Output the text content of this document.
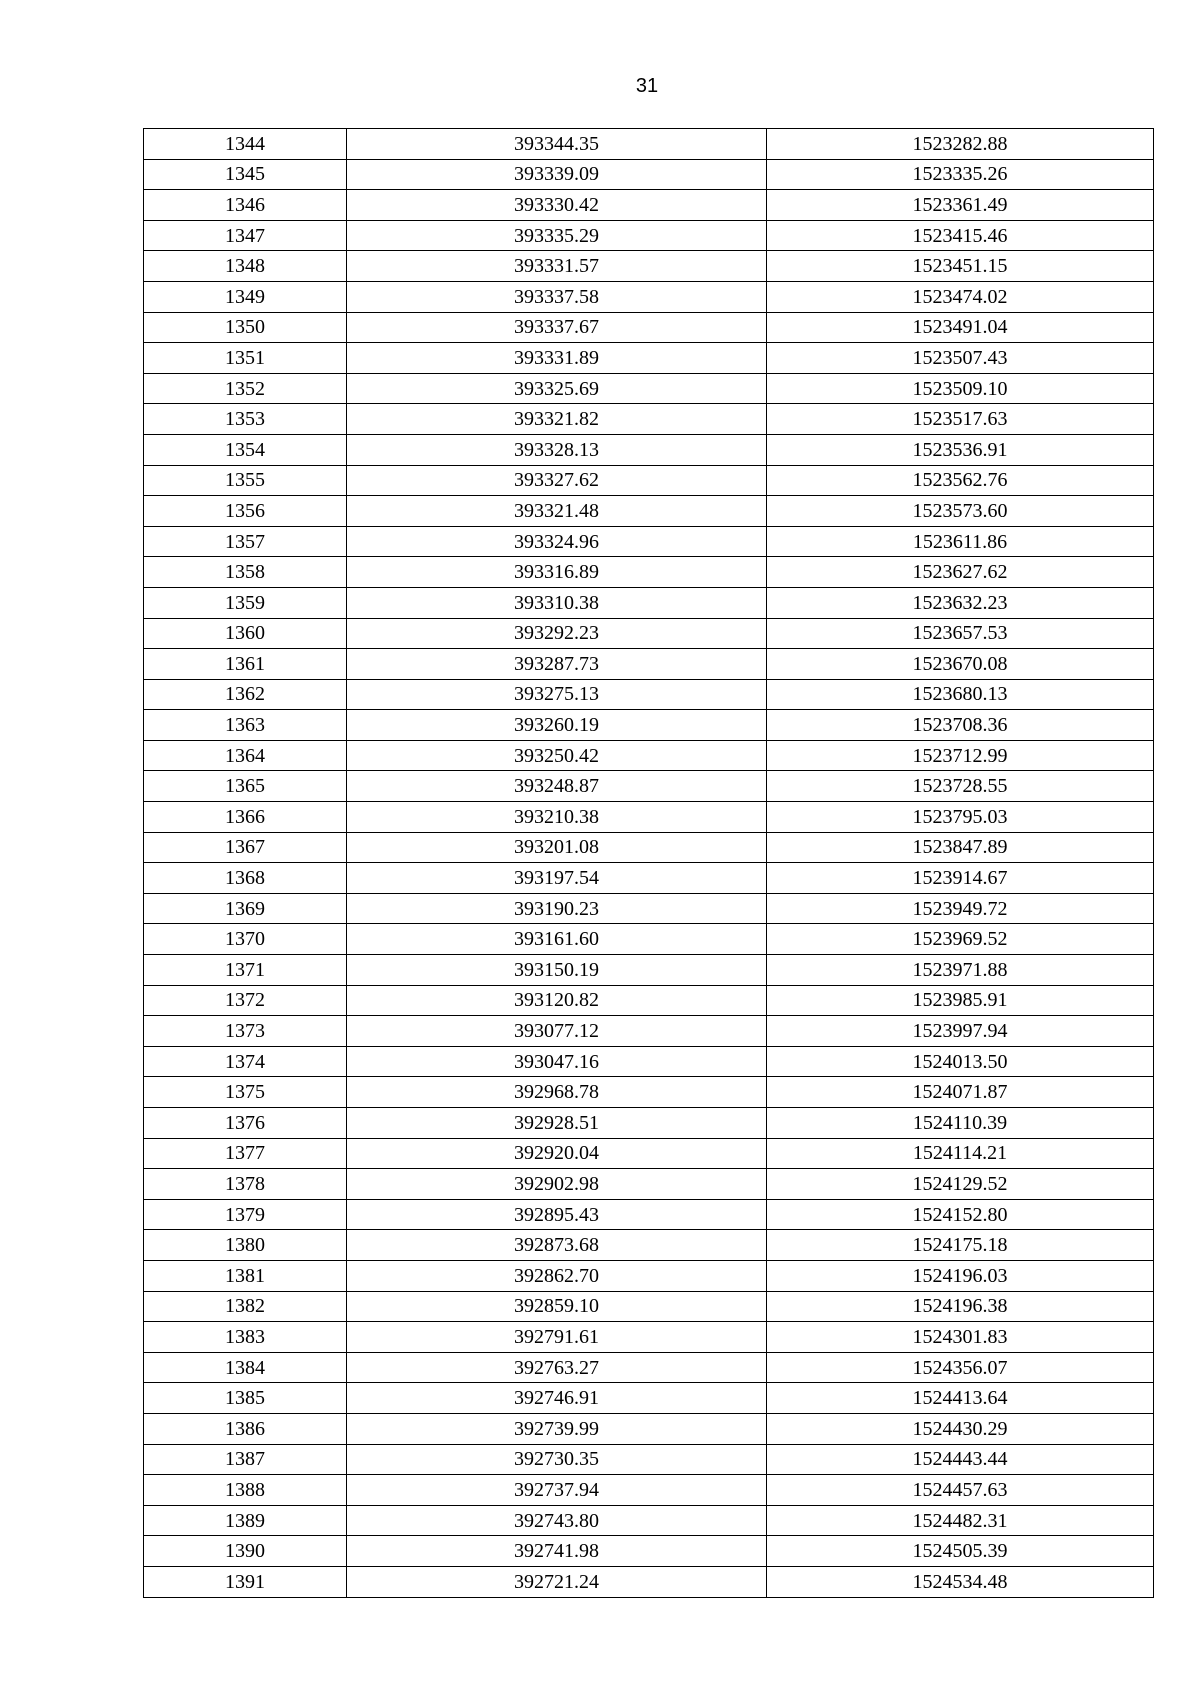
31
1344	393344.35	1523282.88
1345	393339.09	1523335.26
1346	393330.42	1523361.49
1347	393335.29	1523415.46
1348	393331.57	1523451.15
1349	393337.58	1523474.02
1350	393337.67	1523491.04
1351	393331.89	1523507.43
1352	393325.69	1523509.10
1353	393321.82	1523517.63
1354	393328.13	1523536.91
1355	393327.62	1523562.76
1356	393321.48	1523573.60
1357	393324.96	1523611.86
1358	393316.89	1523627.62
1359	393310.38	1523632.23
1360	393292.23	1523657.53
1361	393287.73	1523670.08
1362	393275.13	1523680.13
1363	393260.19	1523708.36
1364	393250.42	1523712.99
1365	393248.87	1523728.55
1366	393210.38	1523795.03
1367	393201.08	1523847.89
1368	393197.54	1523914.67
1369	393190.23	1523949.72
1370	393161.60	1523969.52
1371	393150.19	1523971.88
1372	393120.82	1523985.91
1373	393077.12	1523997.94
1374	393047.16	1524013.50
1375	392968.78	1524071.87
1376	392928.51	1524110.39
1377	392920.04	1524114.21
1378	392902.98	1524129.52
1379	392895.43	1524152.80
1380	392873.68	1524175.18
1381	392862.70	1524196.03
1382	392859.10	1524196.38
1383	392791.61	1524301.83
1384	392763.27	1524356.07
1385	392746.91	1524413.64
1386	392739.99	1524430.29
1387	392730.35	1524443.44
1388	392737.94	1524457.63
1389	392743.80	1524482.31
1390	392741.98	1524505.39
1391	392721.24	1524534.48
